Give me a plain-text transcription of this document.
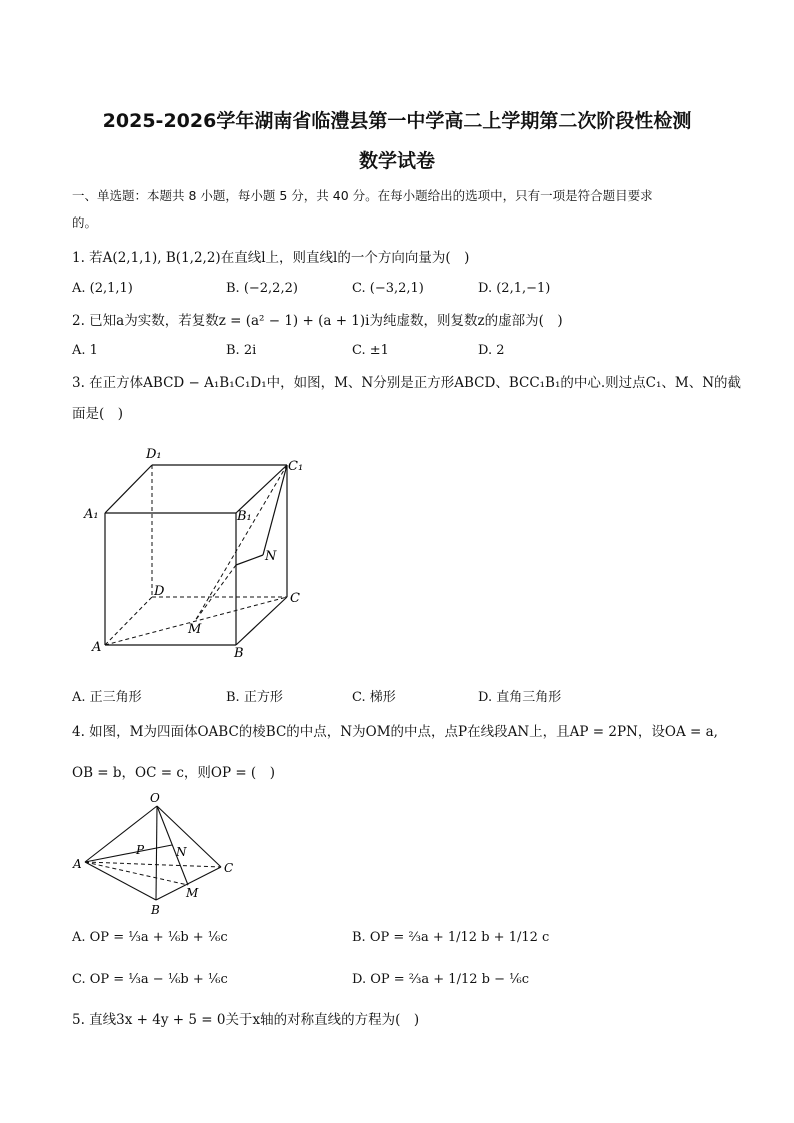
2025-2026学年湖南省临澧县第一中学高二上学期第二次阶段性检测
数学试卷
一、单选题：本题共 8 小题，每小题 5 分，共 40 分。在每小题给出的选项中，只有一项是符合题目要求
的。
1. 若A(2,1,1), B(1,2,2)在直线l上，则直线l的一个方向向量为(　)
A. (2,1,1)	B. (−2,2,2)	C. (−3,2,1)	D. (2,1,−1)
2. 已知a为实数，若复数z = (a² − 1) + (a + 1)i为纯虚数，则复数z的虚部为(　)
A. 1	B. 2i	C. ±1	D. 2
3. 在正方体ABCD − A₁B₁C₁D₁中，如图，M、N分别是正方形ABCD、BCC₁B₁的中心.则过点C₁、M、N的截
面是(　)
D₁
C₁
A₁	B₁
N
D	C
M
A	B
A. 正三角形	B. 正方形	C. 梯形	D. 直角三角形
4. 如图，M为四面体OABC的棱BC的中点，N为OM的中点，点P在线段AN上，且AP = 2PN，设OA = a,
OB = b，OC = c，则OP = (　)
O
P	N
A	C
M
B
A. OP = ⅓a + ⅙b + ⅙c	B. OP = ⅔a + 1/12 b + 1/12 c
C. OP = ⅓a − ⅙b + ⅙c	D. OP = ⅔a + 1/12 b − ⅙c
5. 直线3x + 4y + 5 = 0关于x轴的对称直线的方程为(　)
